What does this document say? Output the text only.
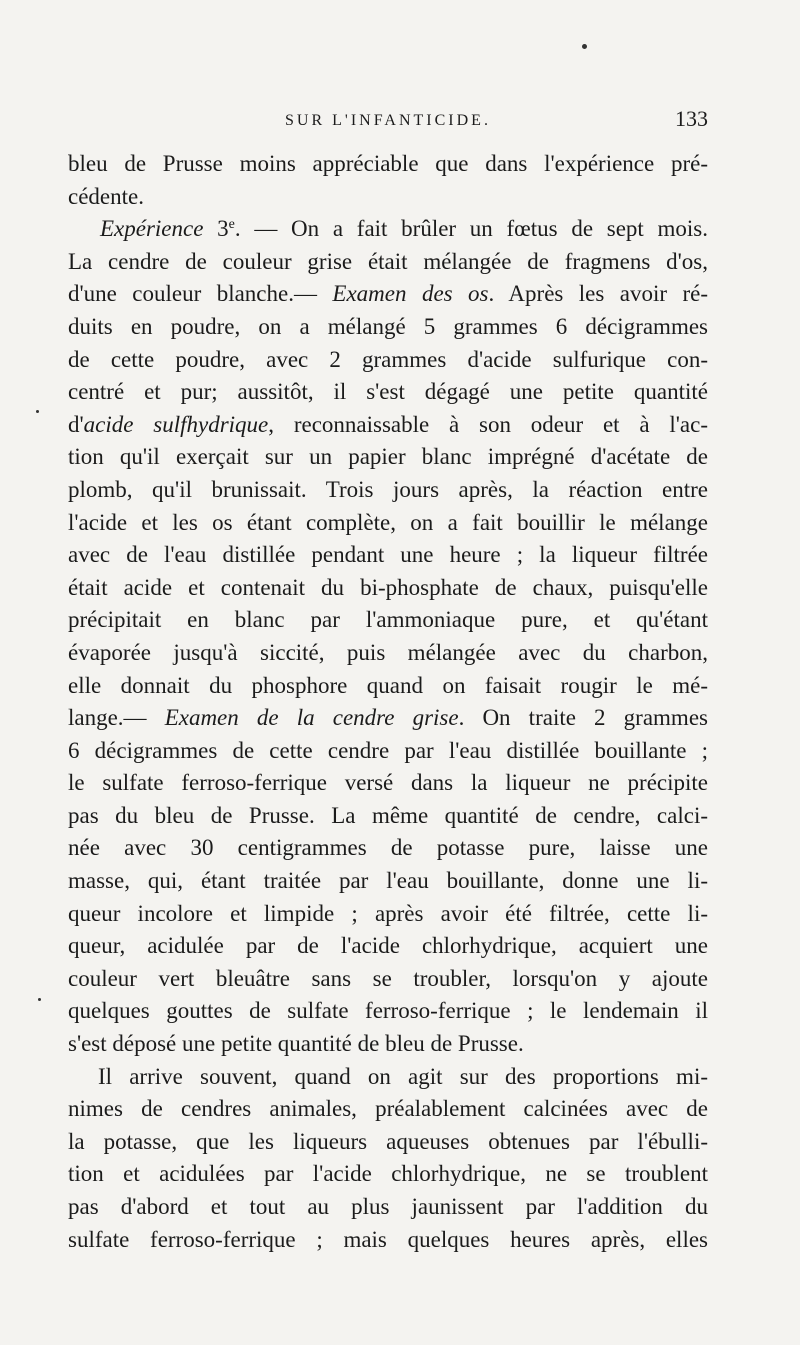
SUR L'INFANTICIDE.	133
bleu de Prusse moins appréciable que dans l'expérience pré-
cédente.
Expérience 3e. — On a fait brûler un fœtus de sept mois.
La cendre de couleur grise était mélangée de fragmens d'os,
d'une couleur blanche.— Examen des os. Après les avoir ré-
duits en poudre, on a mélangé 5 grammes 6 décigrammes
de cette poudre, avec 2 grammes d'acide sulfurique con-
centré et pur; aussitôt, il s'est dégagé une petite quantité
d'acide sulfhydrique, reconnaissable à son odeur et à l'ac-
tion qu'il exerçait sur un papier blanc imprégné d'acétate de
plomb, qu'il brunissait. Trois jours après, la réaction entre
l'acide et les os étant complète, on a fait bouillir le mélange
avec de l'eau distillée pendant une heure ; la liqueur filtrée
était acide et contenait du bi-phosphate de chaux, puisqu'elle
précipitait en blanc par l'ammoniaque pure, et qu'étant
évaporée jusqu'à siccité, puis mélangée avec du charbon,
elle donnait du phosphore quand on faisait rougir le mé-
lange.— Examen de la cendre grise. On traite 2 grammes
6 décigrammes de cette cendre par l'eau distillée bouillante ;
le sulfate ferroso-ferrique versé dans la liqueur ne précipite
pas du bleu de Prusse. La même quantité de cendre, calci-
née avec 30 centigrammes de potasse pure, laisse une
masse, qui, étant traitée par l'eau bouillante, donne une li-
queur incolore et limpide ; après avoir été filtrée, cette li-
queur, acidulée par de l'acide chlorhydrique, acquiert une
couleur vert bleuâtre sans se troubler, lorsqu'on y ajoute
quelques gouttes de sulfate ferroso-ferrique ; le lendemain il
s'est déposé une petite quantité de bleu de Prusse.
Il arrive souvent, quand on agit sur des proportions mi-
nimes de cendres animales, préalablement calcinées avec de
la potasse, que les liqueurs aqueuses obtenues par l'ébulli-
tion et acidulées par l'acide chlorhydrique, ne se troublent
pas d'abord et tout au plus jaunissent par l'addition du
sulfate ferroso-ferrique ; mais quelques heures après, elles
